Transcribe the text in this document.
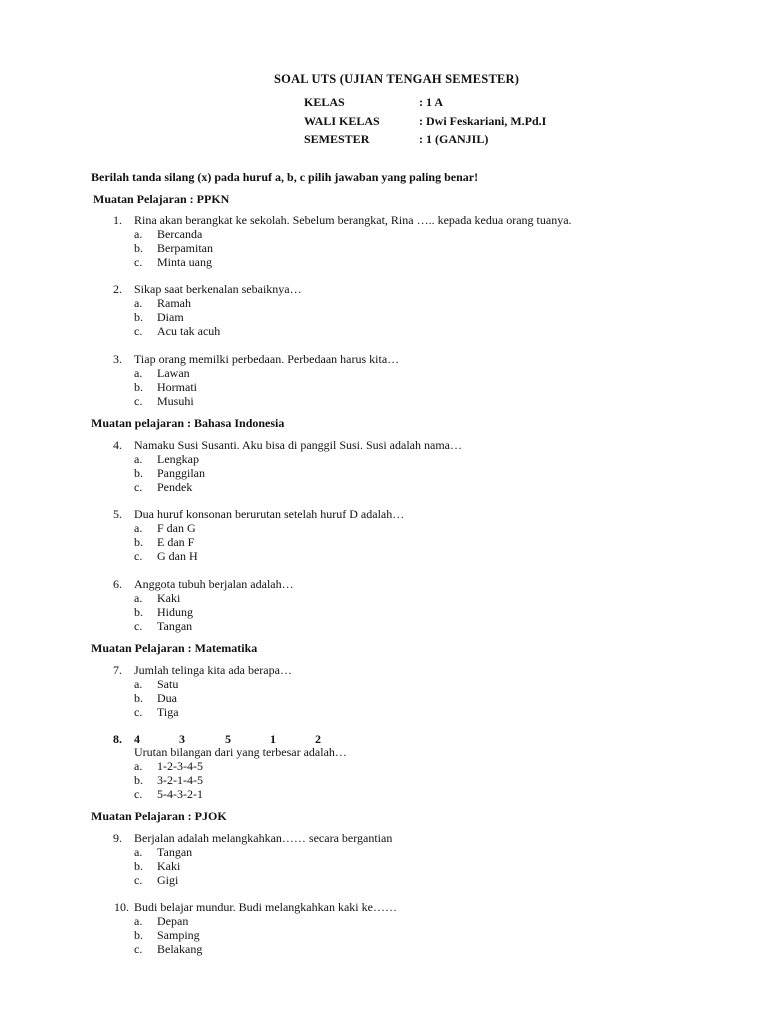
SOAL UTS (UJIAN TENGAH SEMESTER)
KELAS	: 1 A
WALI KELAS	: Dwi Feskariani, M.Pd.I
SEMESTER	: 1 (GANJIL)
Berilah tanda silang (x) pada huruf a, b, c pilih jawaban yang paling benar!
Muatan Pelajaran : PPKN
1. Rina akan berangkat ke sekolah. Sebelum berangkat, Rina ….. kepada kedua orang tuanya.
a. Bercanda
b. Berpamitan
c. Minta uang
2. Sikap saat berkenalan sebaiknya…
a. Ramah
b. Diam
c. Acu tak acuh
3. Tiap orang memilki perbedaan. Perbedaan harus kita…
a. Lawan
b. Hormati
c. Musuhi
Muatan pelajaran : Bahasa Indonesia
4. Namaku Susi Susanti. Aku bisa di panggil Susi. Susi adalah nama…
a. Lengkap
b. Panggilan
c. Pendek
5. Dua huruf konsonan berurutan setelah huruf D adalah…
a. F dan G
b. E dan F
c. G dan H
6. Anggota tubuh berjalan adalah…
a. Kaki
b. Hidung
c. Tangan
Muatan Pelajaran : Matematika
7. Jumlah telinga kita ada berapa…
a. Satu
b. Dua
c. Tiga
8. 4	3	5	1	2
Urutan bilangan dari yang terbesar adalah…
a. 1-2-3-4-5
b. 3-2-1-4-5
c. 5-4-3-2-1
Muatan Pelajaran : PJOK
9. Berjalan adalah melangkahkan…… secara bergantian
a. Tangan
b. Kaki
c. Gigi
10. Budi belajar mundur. Budi melangkahkan kaki ke……
a. Depan
b. Samping
c. Belakang
